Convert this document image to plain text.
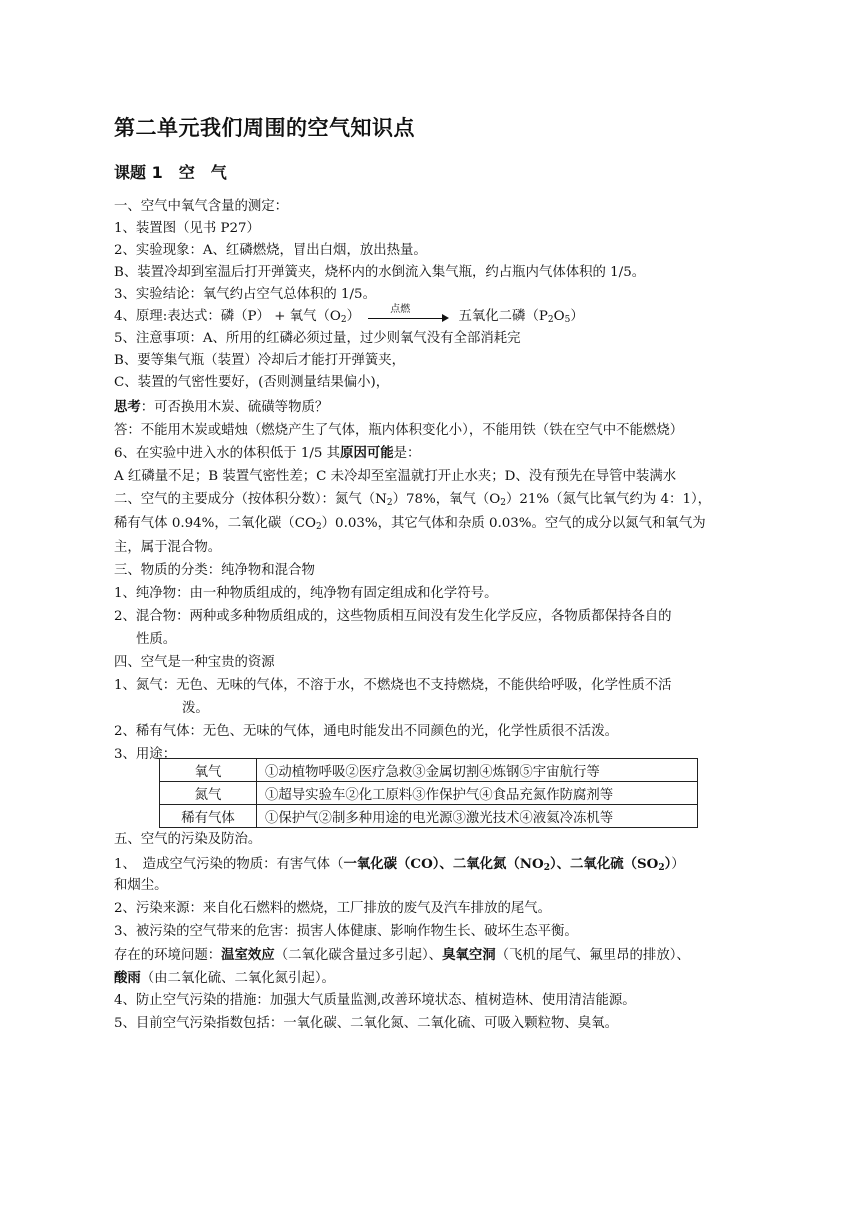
第二单元我们周围的空气知识点
课题 1　空　气
一、空气中氧气含量的测定：
1、装置图（见书 P27）
2、实验现象：A、红磷燃烧，冒出白烟，放出热量。
B、装置冷却到室温后打开弹簧夹，烧杯内的水倒流入集气瓶，约占瓶内气体体积的 1/5。
3、实验结论：氧气约占空气总体积的 1/5。
4、原理:表达式：磷（P） + 氧气$(O_2)$	点燃	五氧化二磷$(P_2O_5)$
5、注意事项：A、所用的红磷必须过量，过少则氧气没有全部消耗完
B、要等集气瓶（装置）冷却后才能打开弹簧夹，
C、装置的气密性要好，(否则测量结果偏小)，
思考：可否换用木炭、硫磺等物质？
答：不能用木炭或蜡烛（燃烧产生了气体，瓶内体积变化小），不能用铁（铁在空气中不能燃烧）
6、在实验中进入水的体积低于 1/5 其原因可能是：
A 红磷量不足；B 装置气密性差；C 未冷却至室温就打开止水夹；D、没有预先在导管中装满水
二、空气的主要成分（按体积分数）：氮气$(N_2)78\%$，氧气$(O_2)21\%$（氮气比氧气约为 4：1），
稀有气体 0.94%，二氧化碳$(CO_2)0.03\%$，其它气体和杂质 0.03%。空气的成分以氮气和氧气为
主，属于混合物。
三、物质的分类：纯净物和混合物
1、纯净物：由一种物质组成的，纯净物有固定组成和化学符号。
2、混合物：两种或多种物质组成的，这些物质相互间没有发生化学反应，各物质都保持各自的
性质。
四、空气是一种宝贵的资源
1、氮气：无色、无味的气体，不溶于水，不燃烧也不支持燃烧，不能供给呼吸，化学性质不活
泼。
2、稀有气体：无色、无味的气体，通电时能发出不同颜色的光，化学性质很不活泼。
3、用途：
氧气	①动植物呼吸②医疗急救③金属切割④炼钢⑤宇宙航行等
氮气	①超导实验车②化工原料③作保护气④食品充氮作防腐剂等
稀有气体	①保护气②制多种用途的电光源③激光技术④液氦冷冻机等
五、空气的污染及防治。
1、　造成空气污染的物质：有害气体（一氧化碳（CO）、二氧化氮$(NO_2)$、二氧化硫$(SO_2)$）
和烟尘。
2、污染来源：来自化石燃料的燃烧，工厂排放的废气及汽车排放的尾气。
3、被污染的空气带来的危害：损害人体健康、影响作物生长、破坏生态平衡。
存在的环境问题：温室效应（二氧化碳含量过多引起）、臭氧空洞（飞机的尾气、氟里昂的排放）、
酸雨（由二氧化硫、二氧化氮引起）。
4、防止空气污染的措施：加强大气质量监测,改善环境状态、植树造林、使用清洁能源。
5、目前空气污染指数包括：一氧化碳、二氧化氮、二氧化硫、可吸入颗粒物、臭氧。
